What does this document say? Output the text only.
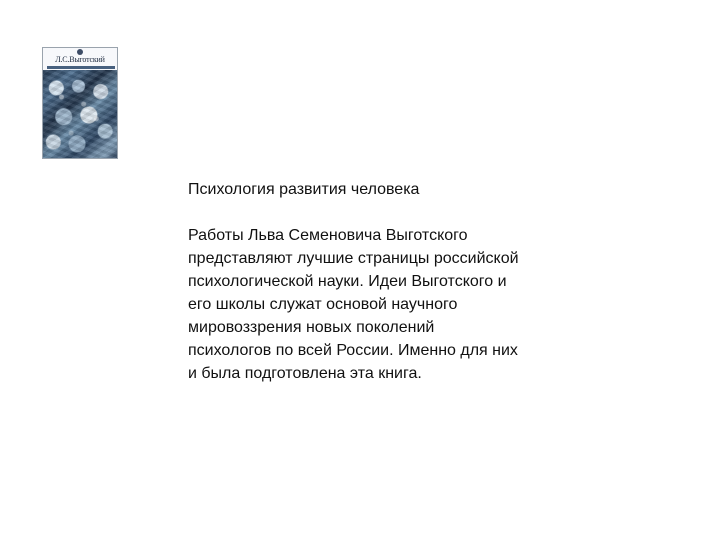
Л.С.Выготский
Психология развития человека
Работы Льва Семеновича Выготского
представляют лучшие страницы российской
психологической науки. Идеи Выготского и
его школы служат основой научного
мировоззрения новых поколений
психологов по всей России. Именно для них
и была подготовлена эта книга.
